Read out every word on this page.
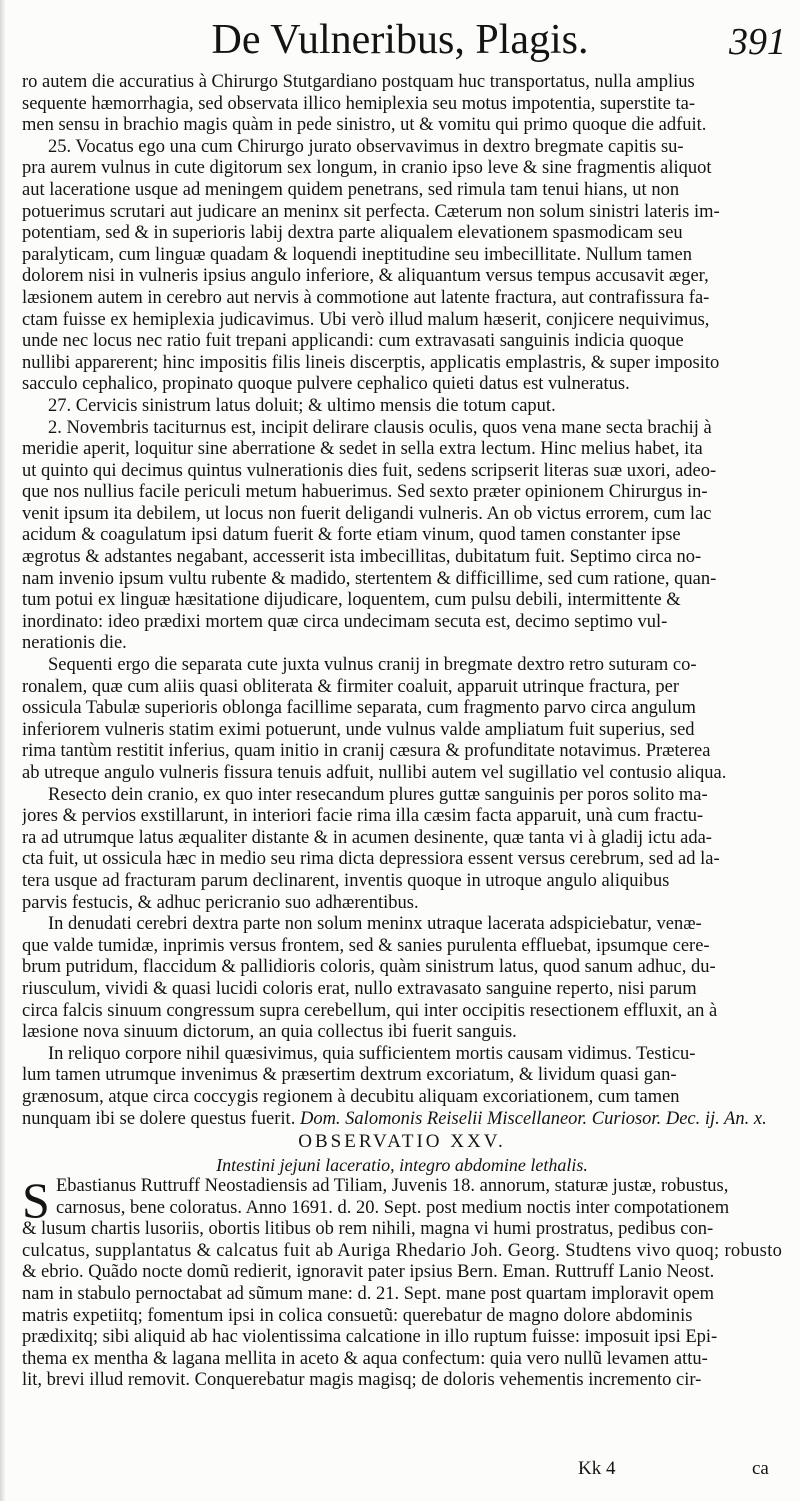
De Vulneribus, Plagis.	391
ro autem die accuratius à Chirurgo Stutgardiano postquam huc transportatus, nulla amplius
sequente hæmorrhagia, sed observata illico hemiplexia seu motus impotentia, superstite ta-
men sensu in brachio magis quàm in pede sinistro, ut & vomitu qui primo quoque die adfuit.
25. Vocatus ego una cum Chirurgo jurato observavimus in dextro bregmate capitis su-
pra aurem vulnus in cute digitorum sex longum, in cranio ipso leve & sine fragmentis aliquot
aut laceratione usque ad meningem quidem penetrans, sed rimula tam tenui hians, ut non
potuerimus scrutari aut judicare an meninx sit perfecta. Cæterum non solum sinistri lateris im-
potentiam, sed & in superioris labij dextra parte aliqualem elevationem spasmodicam seu
paralyticam, cum linguæ quadam & loquendi ineptitudine seu imbecillitate. Nullum tamen
dolorem nisi in vulneris ipsius angulo inferiore, & aliquantum versus tempus accusavit æger,
læsionem autem in cerebro aut nervis à commotione aut latente fractura, aut contrafissura fa-
ctam fuisse ex hemiplexia judicavimus. Ubi verò illud malum hæserit, conjicere nequivimus,
unde nec locus nec ratio fuit trepani applicandi: cum extravasati sanguinis indicia quoque
nullibi apparerent; hinc impositis filis lineis discerptis, applicatis emplastris, & super imposito
sacculo cephalico, propinato quoque pulvere cephalico quieti datus est vulneratus.
27. Cervicis sinistrum latus doluit; & ultimo mensis die totum caput.
2. Novembris taciturnus est, incipit delirare clausis oculis, quos vena mane secta brachij à
meridie aperit, loquitur sine aberratione & sedet in sella extra lectum. Hinc melius habet, ita
ut quinto qui decimus quintus vulnerationis dies fuit, sedens scripserit literas suæ uxori, adeo-
que nos nullius facile periculi metum habuerimus. Sed sexto præter opinionem Chirurgus in-
venit ipsum ita debilem, ut locus non fuerit deligandi vulneris. An ob victus errorem, cum lac
acidum & coagulatum ipsi datum fuerit & forte etiam vinum, quod tamen constanter ipse
ægrotus & adstantes negabant, accesserit ista imbecillitas, dubitatum fuit. Septimo circa no-
nam invenio ipsum vultu rubente & madido, stertentem & difficillime, sed cum ratione, quan-
tum potui ex linguæ hæsitatione dijudicare, loquentem, cum pulsu debili, intermittente &
inordinato: ideo prædixi mortem quæ circa undecimam secuta est, decimo septimo vul-
nerationis die.
Sequenti ergo die separata cute juxta vulnus cranij in bregmate dextro retro suturam co-
ronalem, quæ cum aliis quasi obliterata & firmiter coaluit, apparuit utrinque fractura, per
ossicula Tabulæ superioris oblonga facillime separata, cum fragmento parvo circa angulum
inferiorem vulneris statim eximi potuerunt, unde vulnus valde ampliatum fuit superius, sed
rima tantùm restitit inferius, quam initio in cranij cæsura & profunditate notavimus. Præterea
ab utreque angulo vulneris fissura tenuis adfuit, nullibi autem vel sugillatio vel contusio aliqua.
Resecto dein cranio, ex quo inter resecandum plures guttæ sanguinis per poros solito ma-
jores & pervios exstillarunt, in interiori facie rima illa cæsim facta apparuit, unà cum fractu-
ra ad utrumque latus æqualiter distante & in acumen desinente, quæ tanta vi à gladij ictu ada-
cta fuit, ut ossicula hæc in medio seu rima dicta depressiora essent versus cerebrum, sed ad la-
tera usque ad fracturam parum declinarent, inventis quoque in utroque angulo aliquibus
parvis festucis, & adhuc pericranio suo adhærentibus.
In denudati cerebri dextra parte non solum meninx utraque lacerata adspiciebatur, venæ-
que valde tumidæ, inprimis versus frontem, sed & sanies purulenta effluebat, ipsumque cere-
brum putridum, flaccidum & pallidioris coloris, quàm sinistrum latus, quod sanum adhuc, du-
riusculum, vividi & quasi lucidi coloris erat, nullo extravasato sanguine reperto, nisi parum
circa falcis sinuum congressum supra cerebellum, qui inter occipitis resectionem effluxit, an à
læsione nova sinuum dictorum, an quia collectus ibi fuerit sanguis.
In reliquo corpore nihil quæsivimus, quia sufficientem mortis causam vidimus. Testicu-
lum tamen utrumque invenimus & præsertim dextrum excoriatum, & lividum quasi gan-
grænosum, atque circa coccygis regionem à decubitu aliquam excoriationem, cum tamen
nunquam ibi se dolere questus fuerit. Dom. Salomonis Reiselii Miscellaneor. Curiosor. Dec. ij. An. x.
OBSERVATIO XXV.
Intestini jejuni laceratio, integro abdomine lethalis.
S Ebastianus Ruttruff Neostadiensis ad Tiliam, Juvenis 18. annorum, staturæ justæ, robustus,
carnosus, bene coloratus. Anno 1691. d. 20. Sept. post medium noctis inter compotationem
& lusum chartis lusoriis, obortis litibus ob rem nihili, magna vi humi prostratus, pedibus con-
culcatus, supplantatus & calcatus fuit ab Auriga Rhedario Joh. Georg. Studtens vivo quoq; robusto
& ebrio. Quãdo nocte domũ redierit, ignoravit pater ipsius Bern. Eman. Ruttruff Lanio Neost.
nam in stabulo pernoctabat ad sũmum mane: d. 21. Sept. mane post quartam imploravit opem
matris expetiitq; fomentum ipsi in colica consuetũ: querebatur de magno dolore abdominis
prædixitq; sibi aliquid ab hac violentissima calcatione in illo ruptum fuisse: imposuit ipsi Epi-
thema ex mentha & lagana mellita in aceto & aqua confectum: quia vero nullũ levamen attu-
lit, brevi illud removit. Conquerebatur magis magisq; de doloris vehementis incremento cir-
Kk 4	ca
